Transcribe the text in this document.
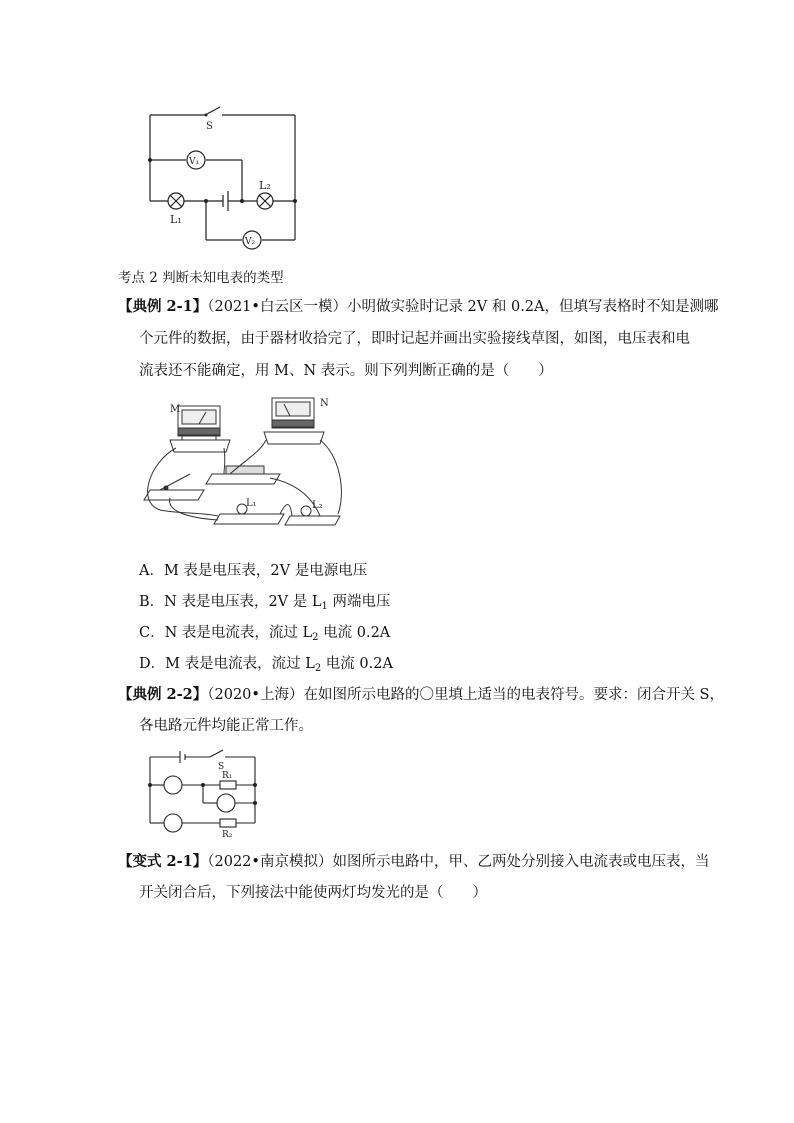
S
V₁
V₂
L₁
L₂
考点 2 判断未知电表的类型
【典例 2-1】（2021•白云区一模）小明做实验时记录 2V 和 0.2A，但填写表格时不知是测哪
个元件的数据，由于器材收拾完了，即时记起并画出实验接线草图，如图，电压表和电
流表还不能确定，用 M、N 表示。则下列判断正确的是（　　）
M
N
L₁	L₂
A．M 表是电压表，2V 是电源电压
B．N 表是电压表，2V 是 $L_1$ 两端电压
C．N 表是电流表，流过 $L_2$ 电流 0.2A
D．M 表是电流表，流过 $L_2$ 电流 0.2A
【典例 2-2】（2020•上海）在如图所示电路的〇里填上适当的电表符号。要求：闭合开关 S，
各电路元件均能正常工作。
S
R₁
R₂
【变式 2-1】（2022•南京模拟）如图所示电路中，甲、乙两处分别接入电流表或电压表，当
开关闭合后，下列接法中能使两灯均发光的是（　　）
